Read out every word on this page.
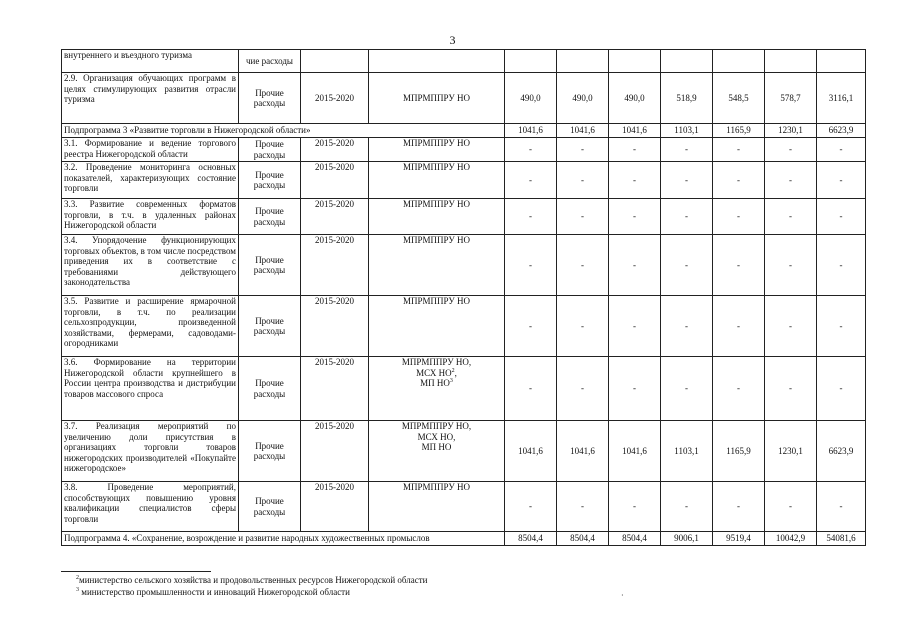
3
внутреннего и въездного туризма	чие расходы									
2.9. Организация обучающих программ в целях стимулирующих развития отрасли туризма	Прочие расходы	2015-2020	МПРМППРУ НО	490,0	490,0	490,0	518,9	548,5	578,7	3116,1
Подпрограмма 3 «Развитие торговли в Нижегородской области»				1041,6	1041,6	1041,6	1103,1	1165,9	1230,1	6623,9
3.1. Формирование и ведение торгового реестра Нижегородской области	Прочие расходы	2015-2020	МПРМППРУ НО	-	-	-	-	-	-	-
3.2. Проведение мониторинга основных показателей, характеризующих состояние торговли	Прочие расходы	2015-2020	МПРМППРУ НО	-	-	-	-	-	-	-
3.3. Развитие современных форматов торговли, в т.ч. в удаленных районах Нижегородской области	Прочие расходы	2015-2020	МПРМППРУ НО	-	-	-	-	-	-	-
3.4. Упорядочение функционирующих торговых объектов, в том числе посредством приведения их в соответствие с требованиями действующего законодательства	Прочие расходы	2015-2020	МПРМППРУ НО	-	-	-	-	-	-	-
3.5. Развитие и расширение ярмарочной торговли, в т.ч. по реализации сельхозпродукции, произведенной хозяйствами, фермерами, садоводами-огородниками	Прочие расходы	2015-2020	МПРМППРУ НО	-	-	-	-	-	-	-
3.6. Формирование на территории Нижегородской области крупнейшего в России центра производства и дистрибуции товаров массового спроса	Прочие расходы	2015-2020	МПРМППРУ НО,
МСХ $НО^2$,
МП $НО^3$	-	-	-	-	-	-	-
3.7. Реализация мероприятий по увеличению доли присутствия в организациях торговли товаров нижегородских производителей «Покупайте нижегородское»	Прочие расходы	2015-2020	МПРМППРУ НО,
МСХ НО,
МП НО	1041,6	1041,6	1041,6	1103,1	1165,9	1230,1	6623,9
3.8. Проведение мероприятий, способствующих повышению уровня квалификации специалистов сферы торговли	Прочие расходы	2015-2020	МПРМППРУ НО	-	-	-	-	-	-	-
Подпрограмма 4. «Сохранение, возрождение и развитие народных художественных промыслов				8504,4	8504,4	8504,4	9006,1	9519,4	10042,9	54081,6
$^2$министерство сельского хозяйства и продовольственных ресурсов Нижегородской области
$^3$ министерство промышленности и инноваций Нижегородской области	·
